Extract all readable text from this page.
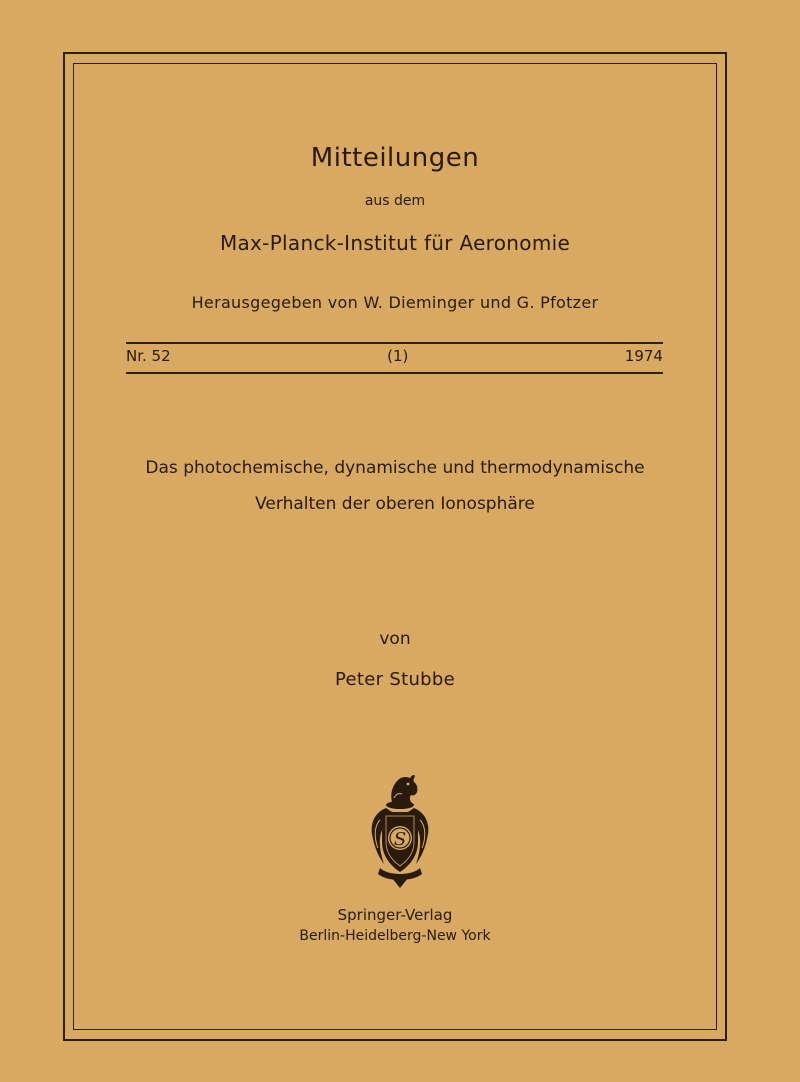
Mitteilungen
aus dem
Max-Planck-Institut für Aeronomie
Herausgegeben von W. Dieminger und G. Pfotzer
Nr. 52	(1)	1974
Das photochemische, dynamische und thermodynamische
Verhalten der oberen Ionosphäre
von
Peter Stubbe
S
Springer-Verlag
Berlin-Heidelberg-New York
